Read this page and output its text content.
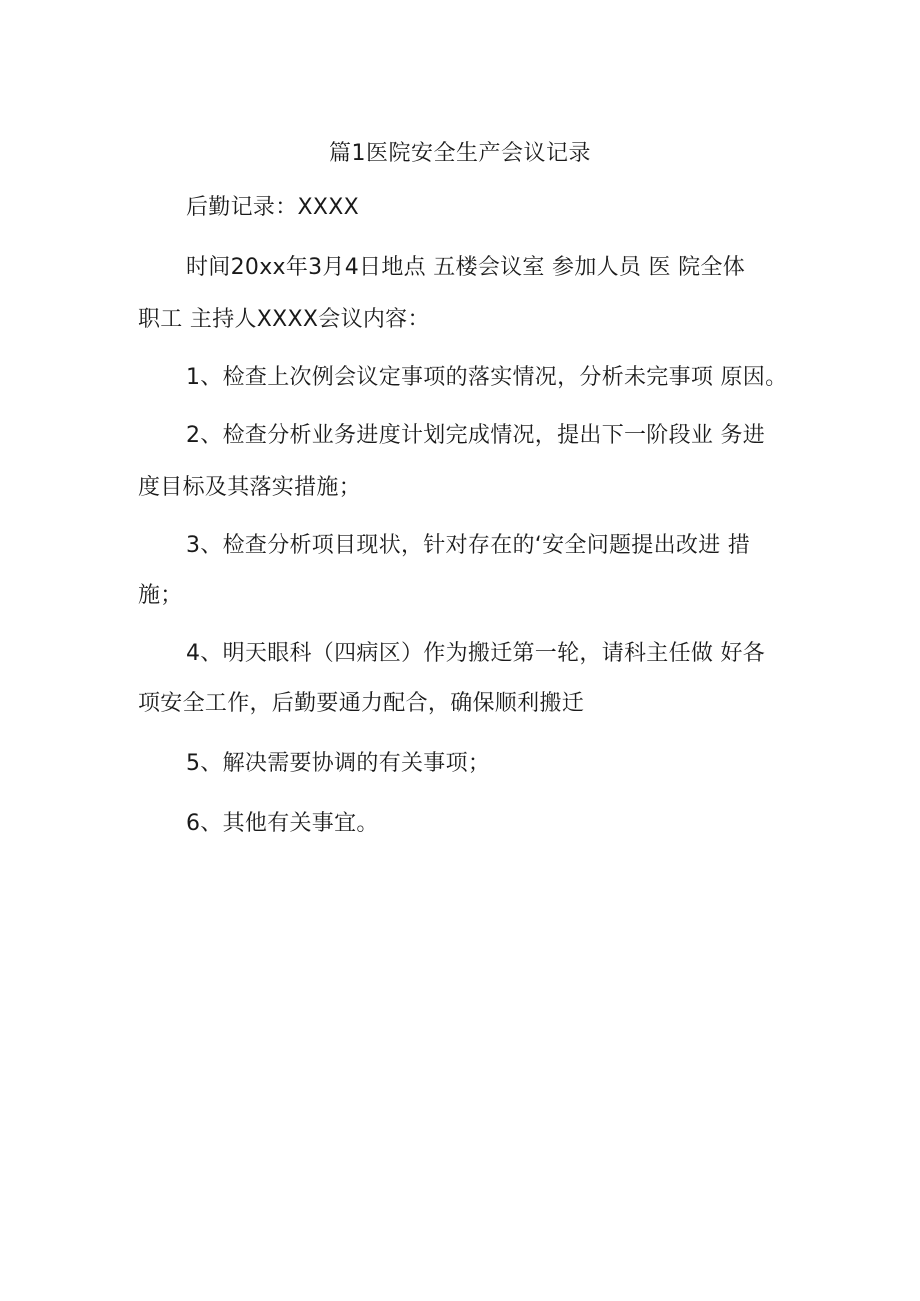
篇1医院安全生产会议记录
后勤记录：XXXX
时间20xx年3月4日地点 五楼会议室 参加人员 医 院全体
职工 主持人XXXX会议内容：
1、检查上次例会议定事项的落实情况，分析未完事项 原因。
2、检查分析业务进度计划完成情况，提出下一阶段业 务进
度目标及其落实措施；
3、检查分析项目现状，针对存在的‘安全问题提出改进 措
施；
4、明天眼科（四病区）作为搬迁第一轮，请科主任做 好各
项安全工作，后勤要通力配合，确保顺利搬迁
5、解决需要协调的有关事项；
6、其他有关事宜。
